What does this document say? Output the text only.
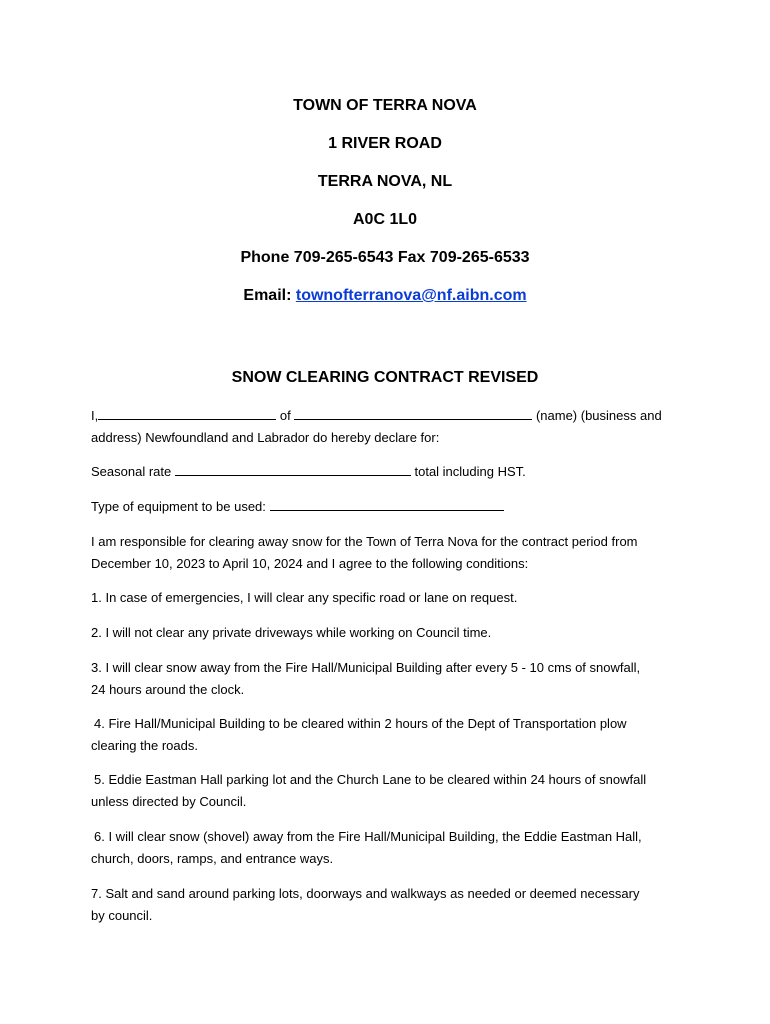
TOWN OF TERRA NOVA
1 RIVER ROAD
TERRA NOVA, NL
A0C 1L0
Phone 709-265-6543 Fax 709-265-6533
Email: townofterranova@nf.aibn.com
SNOW CLEARING CONTRACT REVISED
I,	of	(name) (business and
address) Newfoundland and Labrador do hereby declare for:
Seasonal rate	total including HST.
Type of equipment to be used:
I am responsible for clearing away snow for the Town of Terra Nova for the contract period from
December 10, 2023 to April 10, 2024 and I agree to the following conditions:
1. In case of emergencies, I will clear any specific road or lane on request.
2. I will not clear any private driveways while working on Council time.
3. I will clear snow away from the Fire Hall/Municipal Building after every 5 - 10 cms of snowfall,
24 hours around the clock.
4. Fire Hall/Municipal Building to be cleared within 2 hours of the Dept of Transportation plow
clearing the roads.
5. Eddie Eastman Hall parking lot and the Church Lane to be cleared within 24 hours of snowfall
unless directed by Council.
6. I will clear snow (shovel) away from the Fire Hall/Municipal Building, the Eddie Eastman Hall,
church, doors, ramps, and entrance ways.
7. Salt and sand around parking lots, doorways and walkways as needed or deemed necessary
by council.
